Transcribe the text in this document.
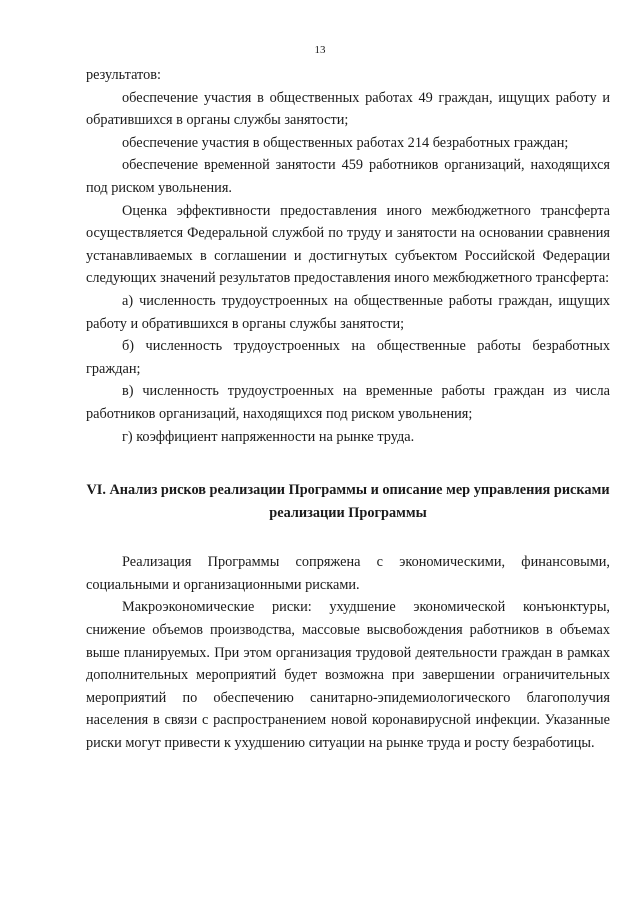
13

результатов:

обеспечение участия в общественных работах 49 граждан, ищущих работу и обратившихся в органы службы занятости;

обеспечение участия в общественных работах 214 безработных граждан;

обеспечение временной занятости 459 работников организаций, находящихся под риском увольнения.

Оценка эффективности предоставления иного межбюджетного трансферта осуществляется Федеральной службой по труду и занятости на основании сравнения устанавливаемых в соглашении и достигнутых субъектом Российской Федерации следующих значений результатов предоставления иного межбюджетного трансферта:

а) численность трудоустроенных на общественные работы граждан, ищущих работу и обратившихся в органы службы занятости;

б) численность трудоустроенных на общественные работы безработных граждан;

в) численность трудоустроенных на временные работы граждан из числа работников организаций, находящихся под риском увольнения;

г) коэффициент напряженности на рынке труда.

VI. Анализ рисков реализации Программы и описание мер управления рисками реализации Программы

Реализация Программы сопряжена с экономическими, финансовыми, социальными и организационными рисками.

Макроэкономические риски: ухудшение экономической конъюнктуры, снижение объемов производства, массовые высвобождения работников в объемах выше планируемых. При этом организация трудовой деятельности граждан в рамках дополнительных мероприятий будет возможна при завершении ограничительных мероприятий по обеспечению санитарно-эпидемиологического благополучия населения в связи с распространением новой коронавирусной инфекции. Указанные риски могут привести к ухудшению ситуации на рынке труда и росту безработицы.
